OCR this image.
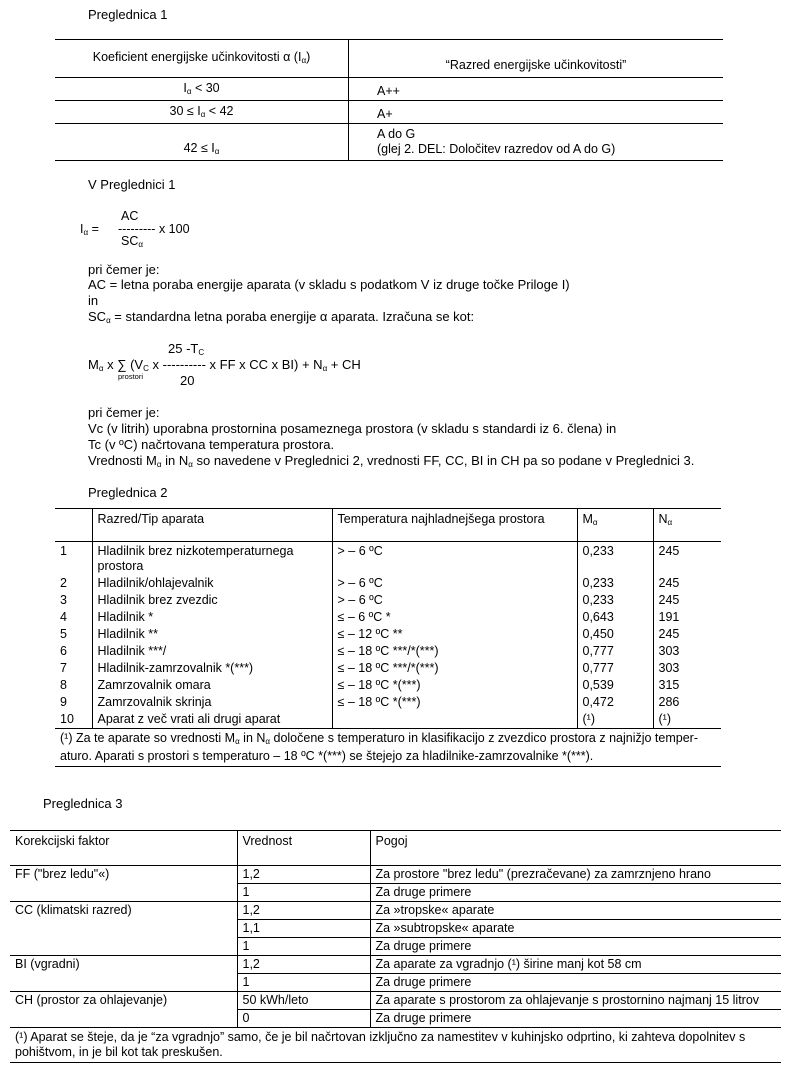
Preglednica 1
Koeficient energijske učinkovitosti α $(I_\alpha)$	“Razred energijske učinkovitosti”
$I_\alpha < 30$	A++
$30 \le I_\alpha < 42$	A+
$42 \le I_\alpha$	A do G
(glej 2. DEL: Določitev razredov od A do G)
V Preglednici 1
$I_\alpha$ =
AC
--------- x 100
$SC_\alpha$
pri čemer je:
AC = letna poraba energije aparata (v skladu s podatkom V iz druge točke Priloge I)
in
$SC_\alpha$ = standardna letna poraba energije α aparata. Izračuna se kot:
25 $-T_C$
$M_\alpha$ x ∑ ($V_C$ x ---------- x FF x CC x $BI) + N_\alpha$ + CH
prostori	20
pri čemer je:
Vc (v litrih) uporabna prostornina posameznega prostora (v skladu s standardi iz 6. člena) in
Tc (v ºC) načrtovana temperatura prostora.
Vrednosti $M_\alpha$ in $N_\alpha$ so navedene v Preglednici 2, vrednosti FF, CC, BI in CH pa so podane v Preglednici 3.
Preglednica 2
	Razred/Tip aparata	Temperatura najhladnejšega prostora	$M_\alpha$	$N_\alpha$
1	Hladilnik brez nizkotemperaturnega prostora	> – 6 ºC	0,233	245
2	Hladilnik/ohlajevalnik	> – 6 ºC	0,233	245
3	Hladilnik brez zvezdic	> – 6 ºC	0,233	245
4	Hladilnik *	≤ – 6 ºC *	0,643	191
5	Hladilnik **	≤ – 12 ºC **	0,450	245
6	Hladilnik ***/	≤ – 18 ºC ***/*(***)	0,777	303
7	Hladilnik-zamrzovalnik *(***)	≤ – 18 ºC ***/*(***)	0,777	303
8	Zamrzovalnik omara	≤ – 18 ºC *(***)	0,539	315
9	Zamrzovalnik skrinja	≤ – 18 ºC *(***)	0,472	286
10	Aparat z več vrati ali drugi aparat		(¹)	(¹)

(¹) Za te aparate so vrednosti $M_\alpha$ in $N_\alpha$ določene s temperaturo in klasifikacijo z zvezdico prostora z najnižjo temper-
aturo. Aparati s prostori s temperaturo – 18 ºC *(***) se štejejo za hladilnike-zamrzovalnike *(***).				
Preglednica 3
Korekcijski faktor	Vrednost	Pogoj
FF ("brez ledu"«)	1,2	Za prostore "brez ledu" (prezračevane) za zamrznjeno hrano
	1	Za druge primere
CC (klimatski razred)	1,2	Za »tropske« aparate
	1,1	Za »subtropske« aparate
	1	Za druge primere
BI (vgradni)	1,2	Za aparate za vgradnjo (¹) širine manj kot 58 cm
	1	Za druge primere
CH (prostor za ohlajevanje)	50 kWh/leto	Za aparate s prostorom za ohlajevanje s prostornino najmanj 15 litrov
	0	Za druge primere

(¹) Aparat se šteje, da je “za vgradnjo” samo, če je bil načrtovan izključno za namestitev v kuhinjsko odprtino, ki zahteva dopolnitev s
pohištvom, in je bil kot tak preskušen.		
